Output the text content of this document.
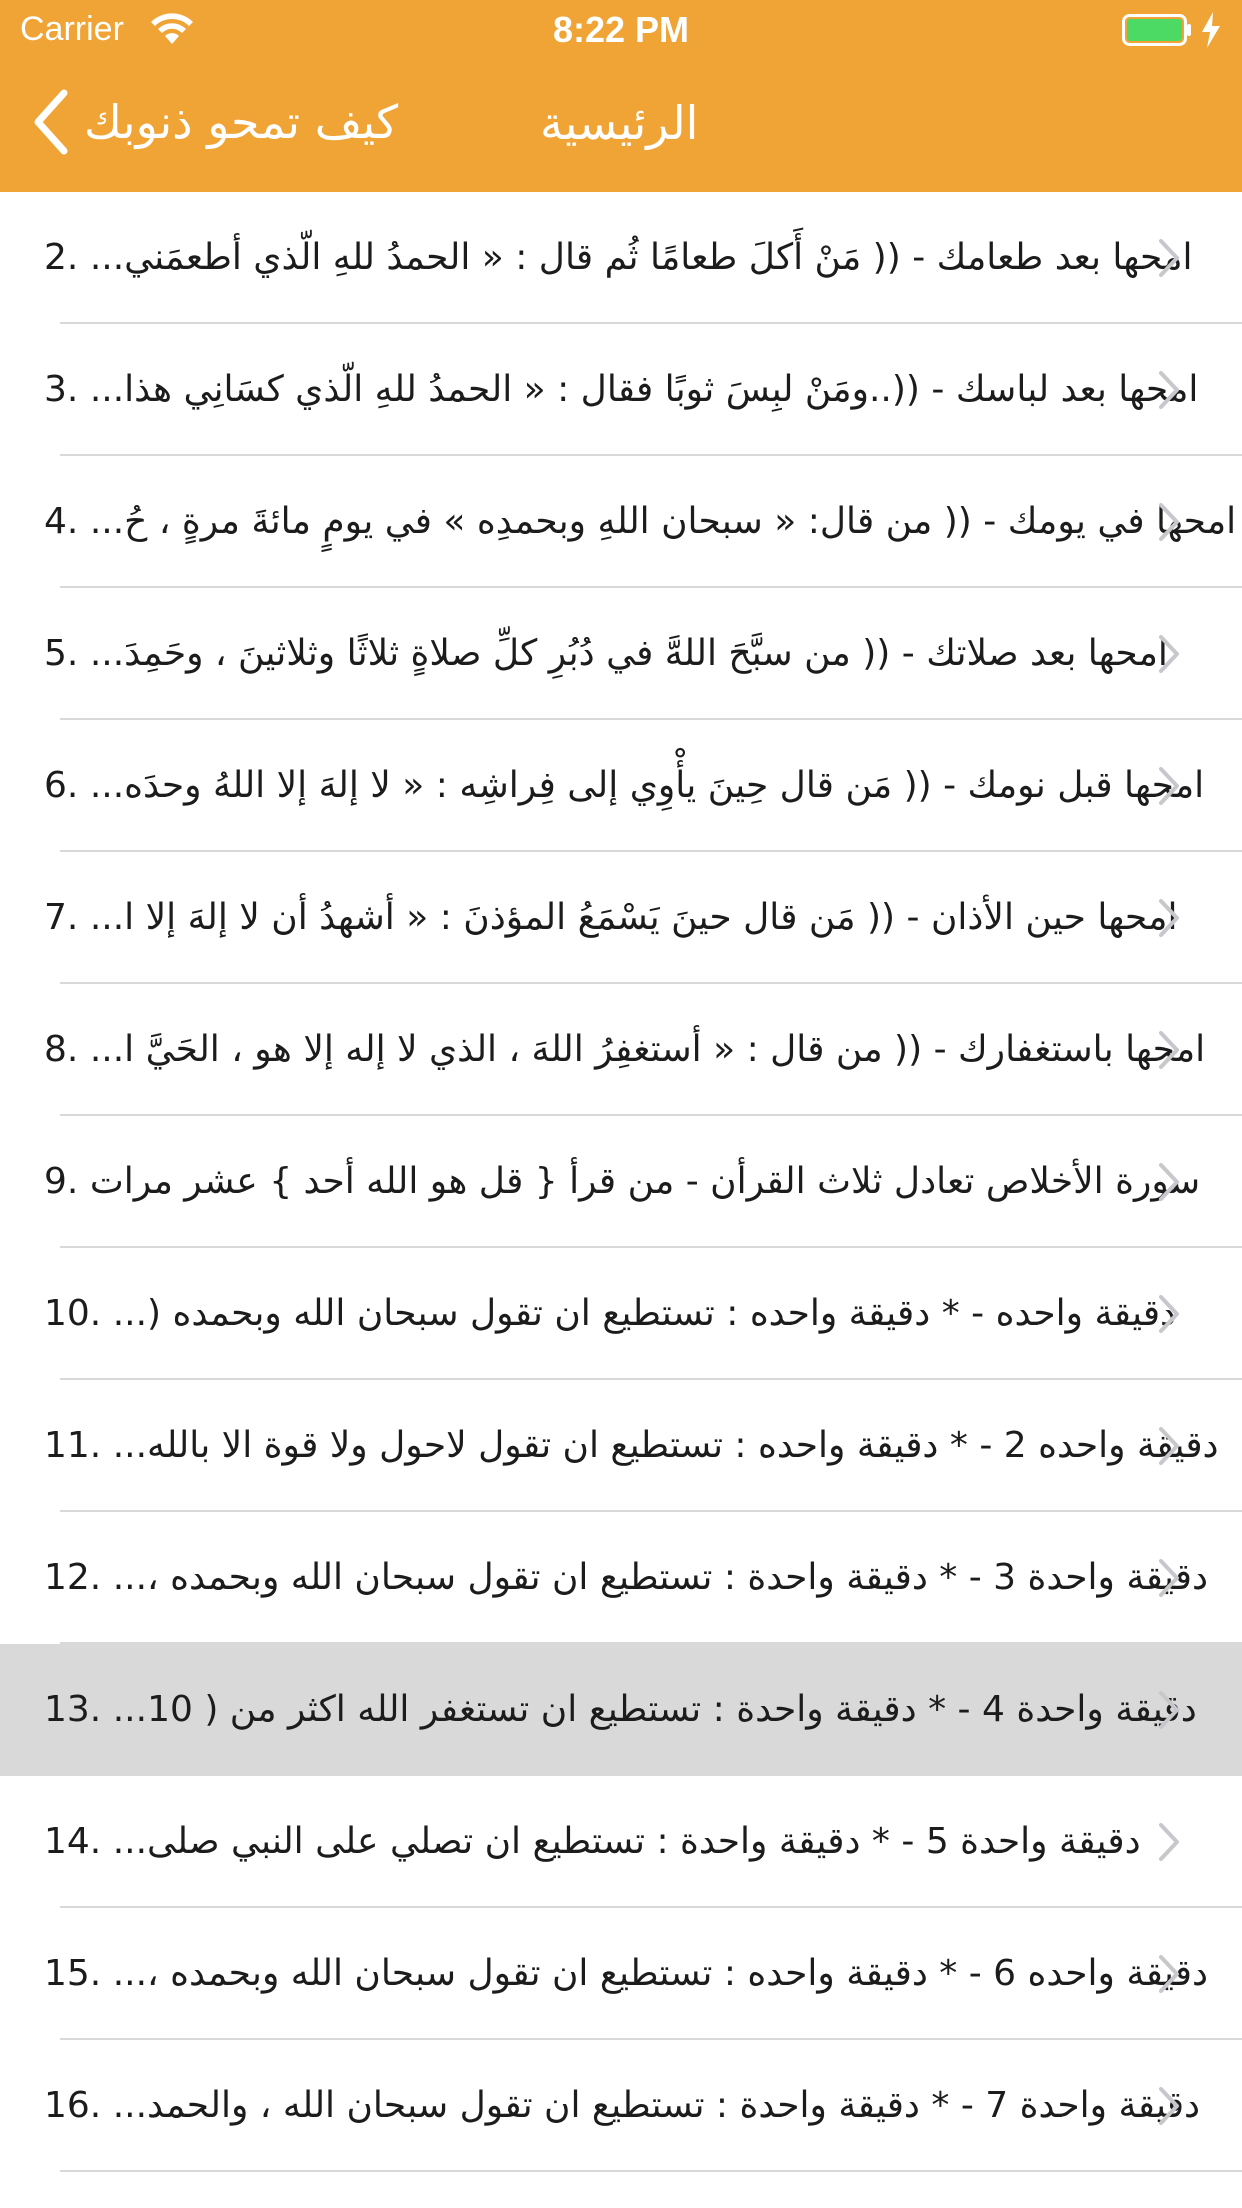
Carrier	8:22 PM
كيف تمحو ذنوبك	الرئيسية
2. امحها بعد طعامك - (( مَنْ أَكلَ طعامًا ثُم قال : « الحمدُ للهِ الّذي أطعمَني...
3. امحها بعد لباسك - ((..ومَنْ لبِسَ ثوبًا فقال : « الحمدُ للهِ الّذي كسَانِي هذا...
4. امحها في يومك - (( من قال: « سبحان اللهِ وبحمدِه » في يومٍ مائةَ مرةٍ ، حُ...
5. امحها بعد صلاتك - (( من سبَّحَ اللهَّ في دُبُرِ كلِّ صلاةٍ ثلاثًا وثلاثينَ ، وحَمِدَ...
6. امحها قبل نومك - (( مَن قال حِينَ يأْوِي إلى فِراشِه : « لا إلهَ إلا اللهُ وحدَه...
7. امحها حين الأذان - (( مَن قال حينَ يَسْمَعُ المؤذنَ : « أشهدُ أن لا إلهَ إلا ا...
8. امحها باستغفارك - (( من قال : « أستغفِرُ اللهَ ، الذي لا إله إلا هو ، الحَيَّ ا...
9. سورة الأخلاص تعادل ثلاث القرأن - من قرأ { قل هو الله أحد } عشر مرات
10. دقيقة واحده - * دقيقة واحده : تستطيع ان تقول سبحان الله وبحمده (...
11. دقيقة واحده 2 - * دقيقة واحده : تستطيع ان تقول لاحول ولا قوة الا بالله...
12. دقيقة واحدة 3 - * دقيقة واحدة : تستطيع ان تقول سبحان الله وبحمده ،...
13. دقيقة واحدة 4 - * دقيقة واحدة : تستطيع ان تستغفر الله اكثر من ( 10...
14. دقيقة واحدة 5 - * دقيقة واحدة : تستطيع ان تصلي على النبي صلى...
15. دقيقة واحده 6 - * دقيقة واحده : تستطيع ان تقول سبحان الله وبحمده ،...
16. دقيقة واحدة 7 - * دقيقة واحدة : تستطيع ان تقول سبحان الله ، والحمد...
